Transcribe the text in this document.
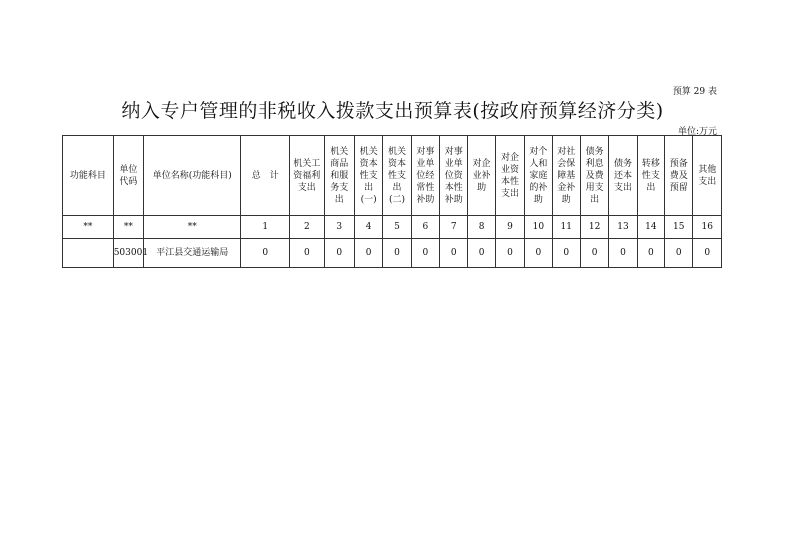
预算 29 表
纳入专户管理的非税收入拨款支出预算表(按政府预算经济分类)
单位:万元
功能科目	单位代码	单位名称(功能科目)	总　计	机关工资福利支出	机关商品和服务支出	机关资本性支出(一)	机关资本性支出(二)	对事业单位经常性补助	对事业单位资本性补助	对企业补助	对企业资本性支出	对个人和家庭的补助	对社会保障基金补助	债务利息及费用支出	债务还本支出	转移性支出	预备费及预留	其他支出

**	**	**	1	2	3	4	5	6	7	8	9	10	11	12	13	14	15	16
	503001	平江县交通运输局	0	0	0	0	0	0	0	0	0	0	0	0	0	0	0	0
